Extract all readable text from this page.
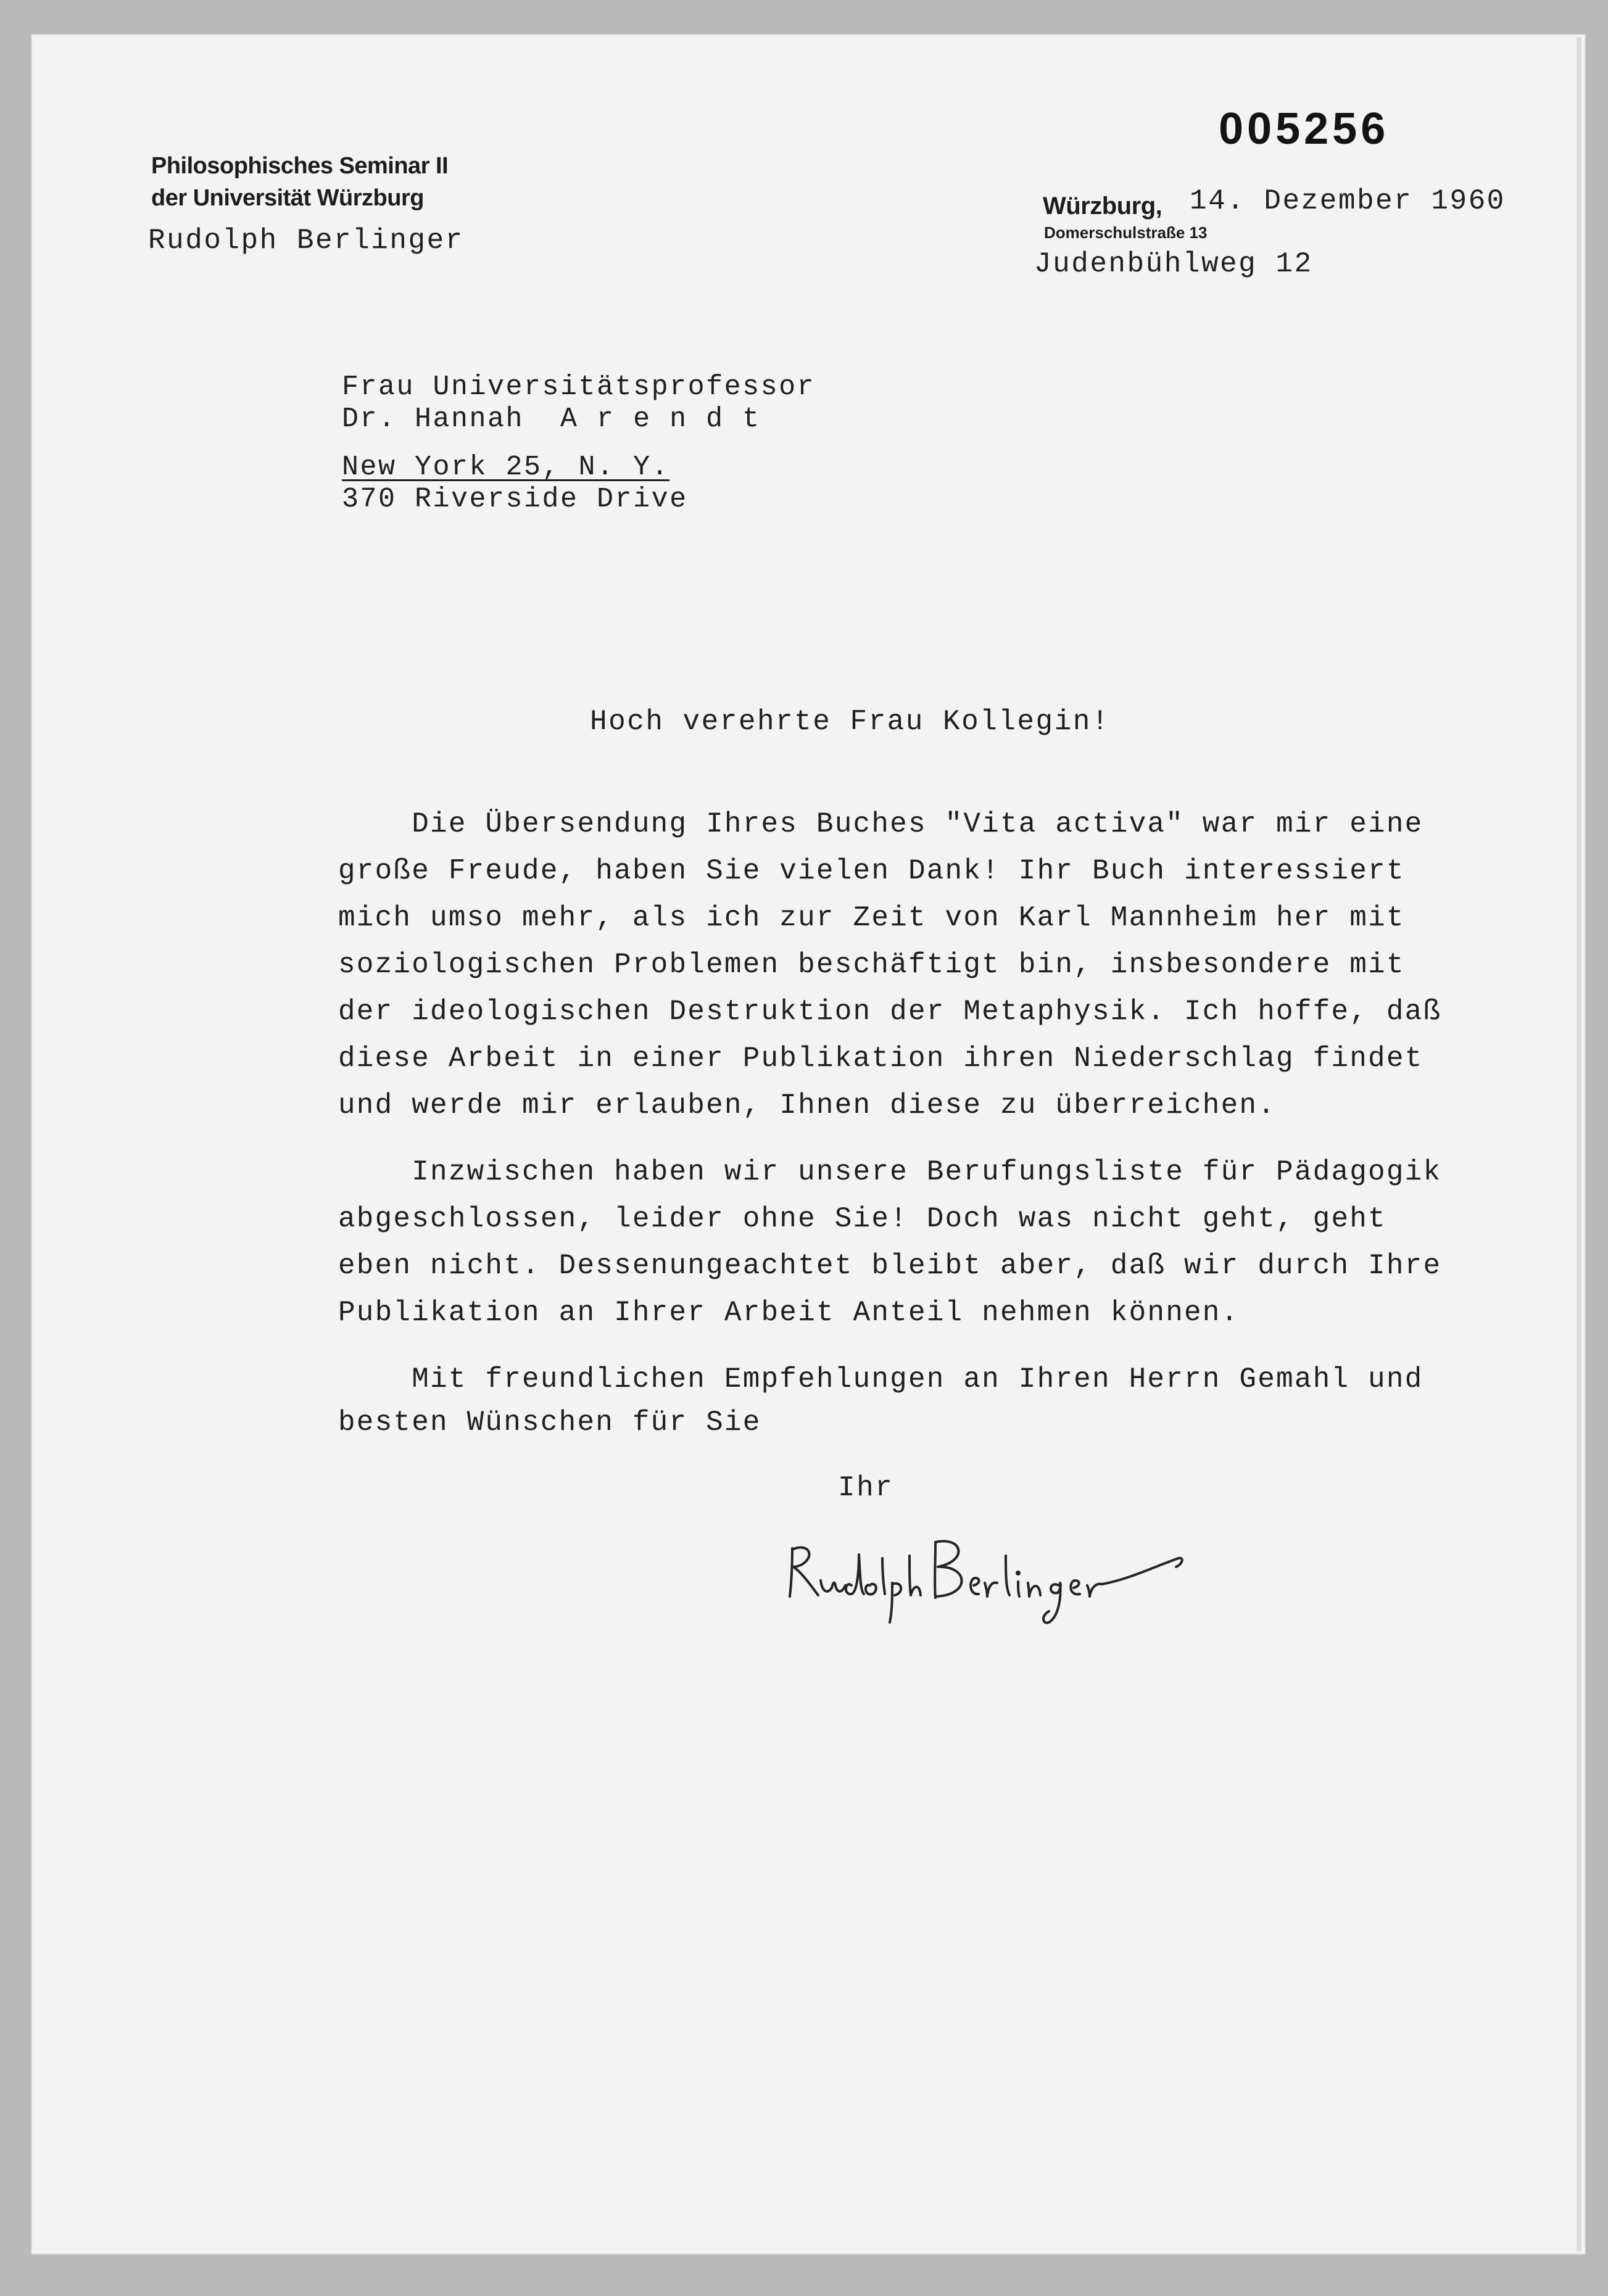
005256
Philosophisches Seminar II
der Universität Würzburg
Rudolph Berlinger
Würzburg, 14. Dezember 1960
Domerschulstraße 13
Judenbühlweg 12
Frau Universitätsprofessor
Dr. Hannah  A r e n d t
New York 25, N. Y.
370 Riverside Drive
Hoch verehrte Frau Kollegin!
Die Übersendung Ihres Buches "Vita activa" war mir eine
große Freude, haben Sie vielen Dank! Ihr Buch interessiert
mich umso mehr, als ich zur Zeit von Karl Mannheim her mit
soziologischen Problemen beschäftigt bin, insbesondere mit
der ideologischen Destruktion der Metaphysik. Ich hoffe, daß
diese Arbeit in einer Publikation ihren Niederschlag findet
und werde mir erlauben, Ihnen diese zu überreichen.
Inzwischen haben wir unsere Berufungsliste für Pädagogik
abgeschlossen, leider ohne Sie! Doch was nicht geht, geht
eben nicht. Dessenungeachtet bleibt aber, daß wir durch Ihre
Publikation an Ihrer Arbeit Anteil nehmen können.
Mit freundlichen Empfehlungen an Ihren Herrn Gemahl und
besten Wünschen für Sie
Ihr
